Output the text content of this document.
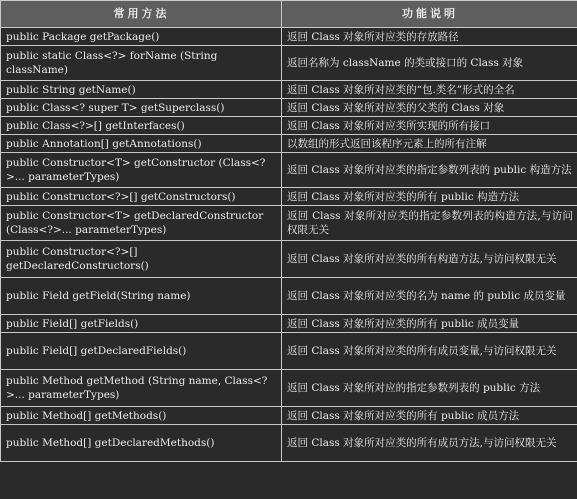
常用方法	功能说明
public Package getPackage()	返回 Class 对象所对应类的存放路径
public static Class<?> forName (String className)	返回名称为 className 的类或接口的 Class 对象
public String getName()	返回 Class 对象所对应类的“包.类名”形式的全名
public Class<? super T> getSuperclass()	返回 Class 对象所对应类的父类的 Class 对象
public Class<?>[] getInterfaces()	返回 Class 对象所对应类所实现的所有接口
public Annotation[] getAnnotations()	以数组的形式返回该程序元素上的所有注解
public Constructor<T> getConstructor (Class<?>... parameterTypes)	返回 Class 对象所对应类的指定参数列表的 public 构造方法
public Constructor<?>[] getConstructors()	返回 Class 对象所对应类的所有 public 构造方法
public Constructor<T> getDeclaredConstructor (Class<?>... parameterTypes)	返回 Class 对象所对应类的指定参数列表的构造方法,与访问权限无关
public Constructor<?>[] getDeclaredConstructors()	返回 Class 对象所对应类的所有构造方法,与访问权限无关
public Field getField(String name)	返回 Class 对象所对应类的名为 name 的 public 成员变量
public Field[] getFields()	返回 Class 对象所对应类的所有 public 成员变量
public Field[] getDeclaredFields()	返回 Class 对象所对应类的所有成员变量,与访问权限无关
public Method getMethod (String name, Class<?>... parameterTypes)	返回 Class 对象所对应的指定参数列表的 public 方法
public Method[] getMethods()	返回 Class 对象所对应类的所有 public 成员方法
public Method[] getDeclaredMethods()	返回 Class 对象所对应类的所有成员方法,与访问权限无关
